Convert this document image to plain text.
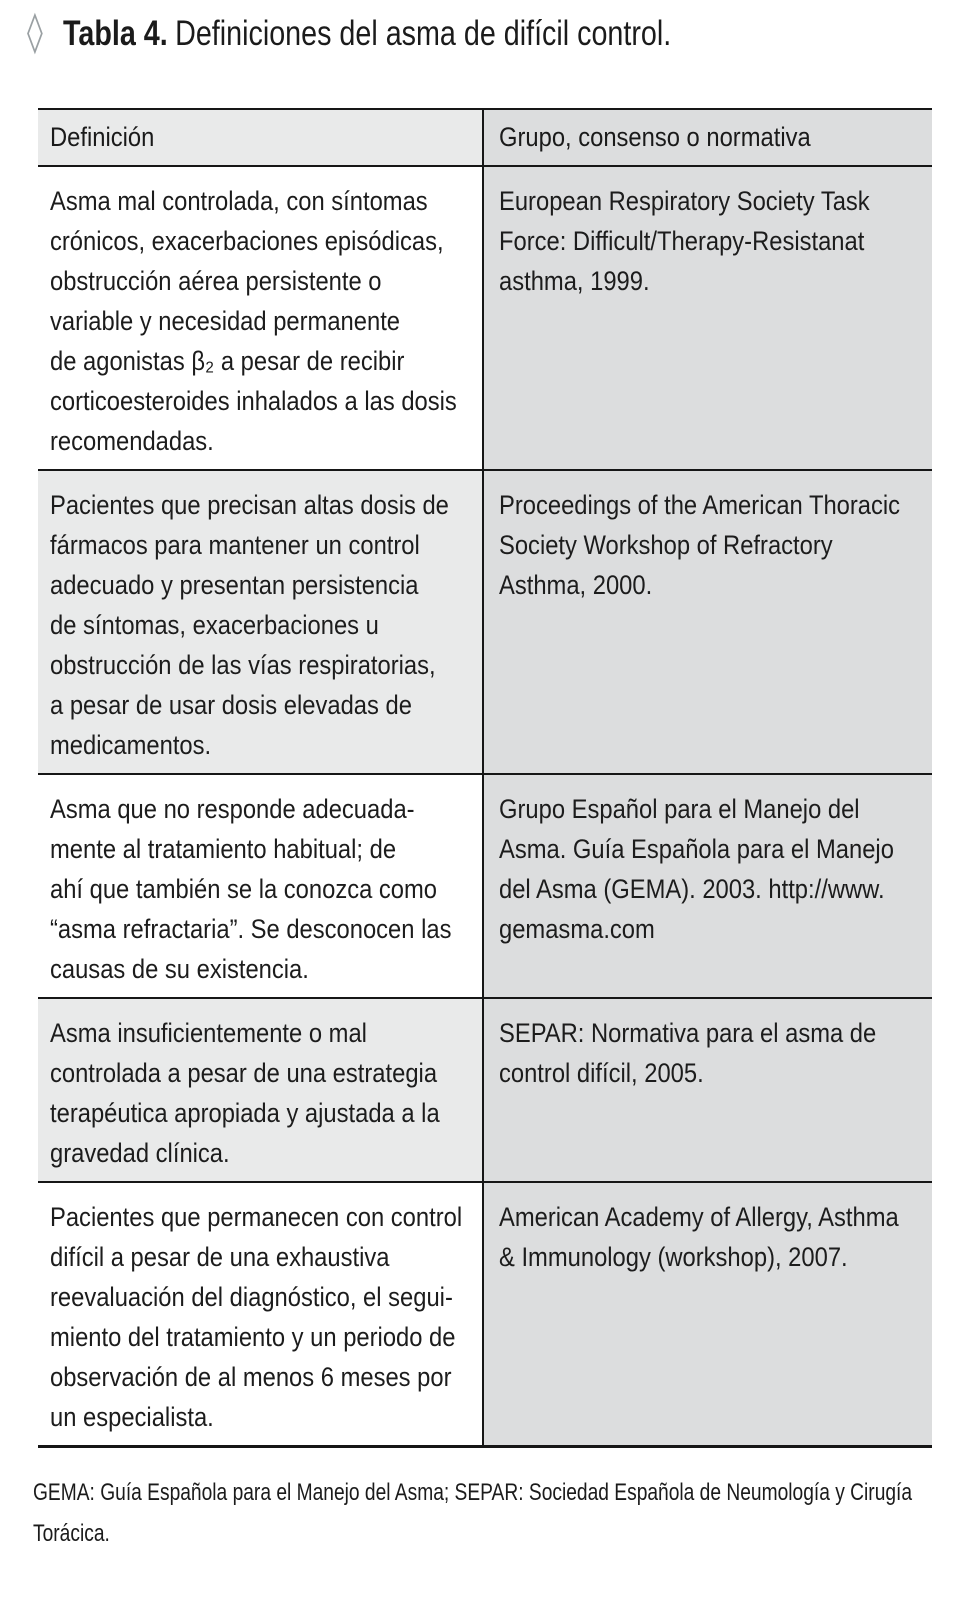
◊ Tabla 4. Definiciones del asma de difícil control.
Definición	Grupo, consenso o normativa
Asma mal controlada, con síntomas
crónicos, exacerbaciones episódicas,
obstrucción aérea persistente o
variable y necesidad permanente
de agonistas β₂ a pesar de recibir
corticoesteroides inhalados a las dosis
recomendadas.
European Respiratory Society Task
Force: Difficult/Therapy-Resistanat
asthma, 1999.
Pacientes que precisan altas dosis de
fármacos para mantener un control
adecuado y presentan persistencia
de síntomas, exacerbaciones u
obstrucción de las vías respiratorias,
a pesar de usar dosis elevadas de
medicamentos.
Proceedings of the American Thoracic
Society Workshop of Refractory
Asthma, 2000.
Asma que no responde adecuada-
mente al tratamiento habitual; de
ahí que también se la conozca como
“asma refractaria”. Se desconocen las
causas de su existencia.
Grupo Español para el Manejo del
Asma. Guía Española para el Manejo
del Asma (GEMA). 2003. http://www.
gemasma.com
Asma insuficientemente o mal
controlada a pesar de una estrategia
terapéutica apropiada y ajustada a la
gravedad clínica.
SEPAR: Normativa para el asma de
control difícil, 2005.
Pacientes que permanecen con control
difícil a pesar de una exhaustiva
reevaluación del diagnóstico, el segui-
miento del tratamiento y un periodo de
observación de al menos 6 meses por
un especialista.
American Academy of Allergy, Asthma
& Immunology (workshop), 2007.
GEMA: Guía Española para el Manejo del Asma; SEPAR: Sociedad Española de Neumología y Cirugía
Torácica.
